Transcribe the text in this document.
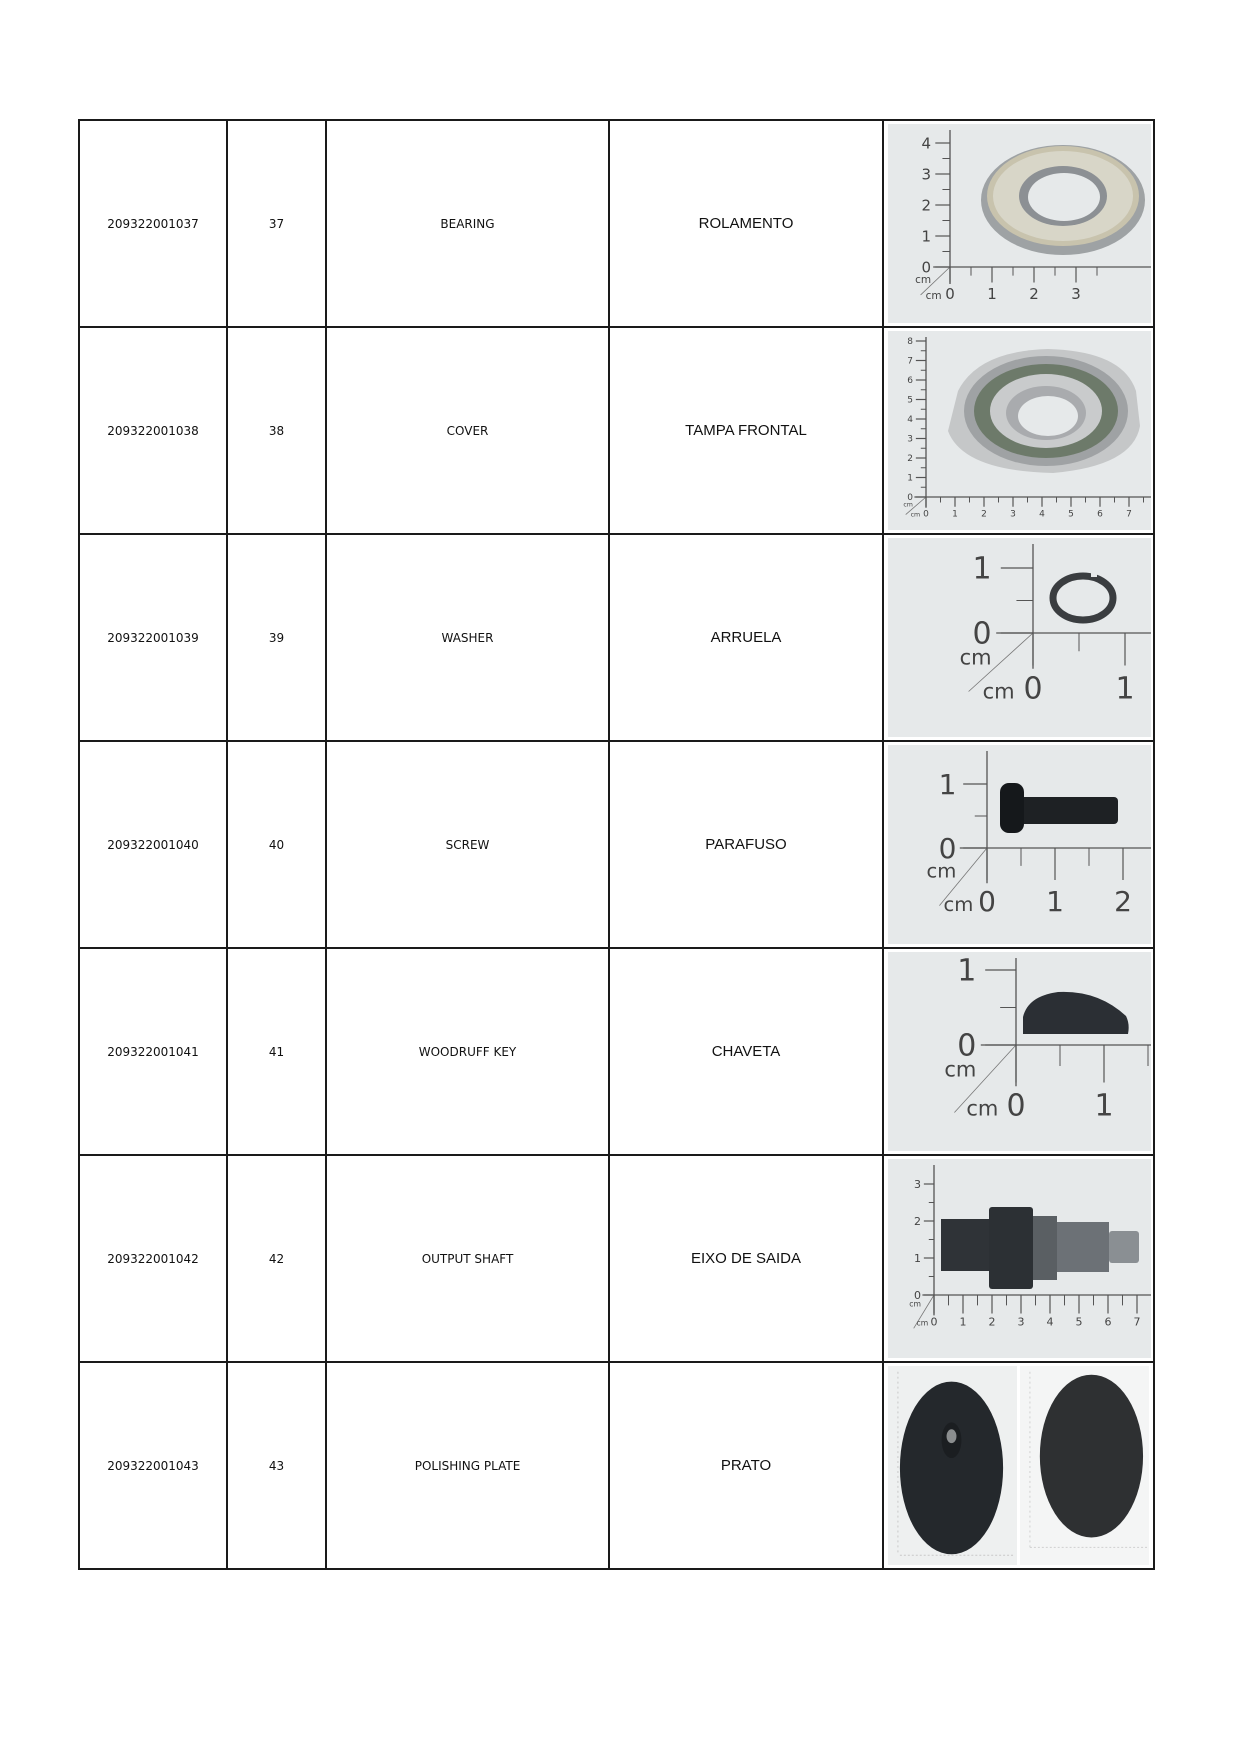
209322001037	37	BEARING	ROLAMENTO	
0
1
2
3
4
0 1 2 3
cm
cm

209322001038	38	COVER	TAMPA FRONTAL	
0
1
2
3
4
5
6
7
8
0	1	2	3	4	5	6	7
cm
cm

209322001039	39	WASHER	ARRUELA	0
1
0 1
cm
cm

209322001040	40	SCREW	PARAFUSO	0
1
0 1 2
cm
cm

209322001041	41	WOODRUFF KEY	CHAVETA	0
1
0 1
cm
cm

209322001042	42	OUTPUT SHAFT	EIXO DE SAIDA	
0
1
2
3
0 1 2 3 4 5 6 7
cm
cm

209322001043	43	POLISHING PLATE	PRATO	
